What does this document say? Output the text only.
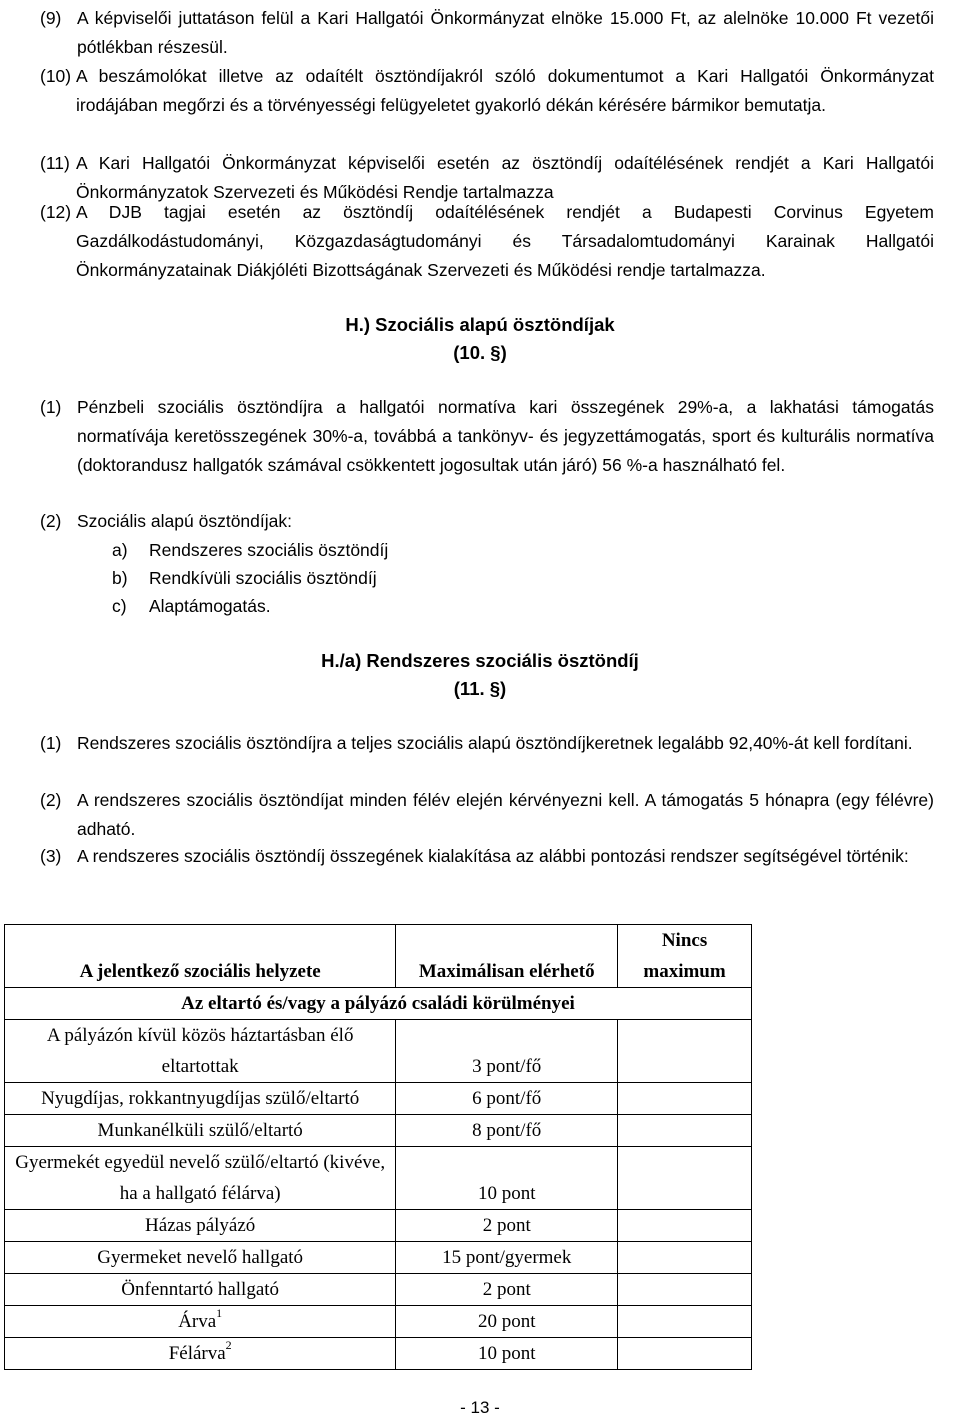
(9) A képviselői juttatáson felül a Kari Hallgatói Önkormányzat elnöke 15.000 Ft, az alelnöke 10.000 Ft vezetői pótlékban részesül.
(10) A beszámolókat illetve az odaítélt ösztöndíjakról szóló dokumentumot a Kari Hallgatói Önkormányzat irodájában megőrzi és a törvényességi felügyeletet gyakorló dékán kérésére bármikor bemutatja.
(11) A Kari Hallgatói Önkormányzat képviselői esetén az ösztöndíj odaítélésének rendjét a Kari Hallgatói Önkormányzatok Szervezeti és Működési Rendje tartalmazza
(12) A DJB tagjai esetén az ösztöndíj odaítélésének rendjét a Budapesti Corvinus Egyetem Gazdálkodástudományi, Közgazdaságtudományi és Társadalomtudományi Karainak Hallgatói Önkormányzatainak Diákjóléti Bizottságának Szervezeti és Működési rendje tartalmazza.
H.) Szociális alapú ösztöndíjak
(10. §)
(1) Pénzbeli szociális ösztöndíjra a hallgatói normatíva kari összegének 29%-a, a lakhatási támogatás normatívája keretösszegének 30%-a, továbbá a tankönyv- és jegyzettámogatás, sport és kulturális normatíva (doktorandusz hallgatók számával csökkentett jogosultak után járó) 56 %-a használható fel.
(2) Szociális alapú ösztöndíjak:
a) Rendszeres szociális ösztöndíj
b) Rendkívüli szociális ösztöndíj
c) Alaptámogatás.
H./a) Rendszeres szociális ösztöndíj
(11. §)
(1) Rendszeres szociális ösztöndíjra a teljes szociális alapú ösztöndíjkeretnek legalább 92,40%-át kell fordítani.
(2) A rendszeres szociális ösztöndíjat minden félév elején kérvényezni kell. A támogatás 5 hónapra (egy félévre) adható.
(3) A rendszeres szociális ösztöndíj összegének kialakítása az alábbi pontozási rendszer segítségével történik:
A jelentkező szociális helyzete	Maximálisan elérhető	Nincs maximum
Az eltartó és/vagy a pályázó családi körülményei		
A pályázón kívül közös háztartásban élő eltartottak	3 pont/fő	
Nyugdíjas, rokkantnyugdíjas szülő/eltartó	6 pont/fő	
Munkanélküli szülő/eltartó	8 pont/fő	
Gyermekét egyedül nevelő szülő/eltartó (kivéve, ha a hallgató félárva)	10 pont	
Házas pályázó	2 pont	
Gyermeket nevelő hallgató	15 pont/gyermek	
Önfenntartó hallgató	2 pont	
Árva$^1$	20 pont	
Félárva$^2$	10 pont	
- 13 -
